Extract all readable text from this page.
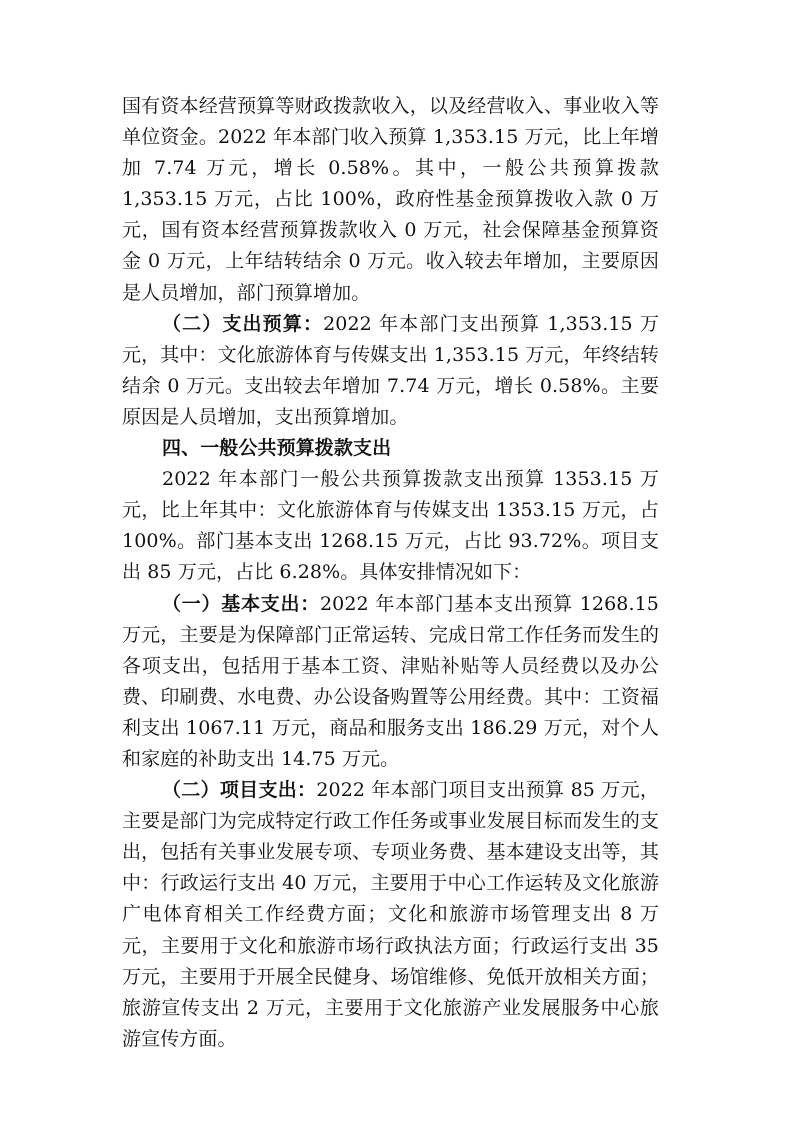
国有资本经营预算等财政拨款收入，以及经营收入、事业收入等单位资金。2022 年本部门收入预算 1,353.15 万元，比上年增加 7.74 万元，增长 0.58%。其中，一般公共预算拨款 1,353.15 万元，占比 100%，政府性基金预算拨收入款 0 万元，国有资本经营预算拨款收入 0 万元，社会保障基金预算资金 0 万元，上年结转结余 0 万元。收入较去年增加，主要原因是人员增加，部门预算增加。

（二）支出预算：2022 年本部门支出预算 1,353.15 万元，其中：文化旅游体育与传媒支出 1,353.15 万元，年终结转结余 0 万元。支出较去年增加 7.74 万元，增长 0.58%。主要原因是人员增加，支出预算增加。

四、一般公共预算拨款支出

2022 年本部门一般公共预算拨款支出预算 1353.15 万元，比上年其中：文化旅游体育与传媒支出 1353.15 万元，占 100%。部门基本支出 1268.15 万元，占比 93.72%。项目支出 85 万元，占比 6.28%。具体安排情况如下：

（一）基本支出：2022 年本部门基本支出预算 1268.15 万元，主要是为保障部门正常运转、完成日常工作任务而发生的各项支出，包括用于基本工资、津贴补贴等人员经费以及办公费、印刷费、水电费、办公设备购置等公用经费。其中：工资福利支出 1067.11 万元，商品和服务支出 186.29 万元，对个人和家庭的补助支出 14.75 万元。

（二）项目支出：2022 年本部门项目支出预算 85 万元，主要是部门为完成特定行政工作任务或事业发展目标而发生的支出，包括有关事业发展专项、专项业务费、基本建设支出等，其中：行政运行支出 40 万元，主要用于中心工作运转及文化旅游广电体育相关工作经费方面；文化和旅游市场管理支出 8 万元，主要用于文化和旅游市场行政执法方面；行政运行支出 35 万元，主要用于开展全民健身、场馆维修、免低开放相关方面；旅游宣传支出 2 万元，主要用于文化旅游产业发展服务中心旅游宣传方面。
